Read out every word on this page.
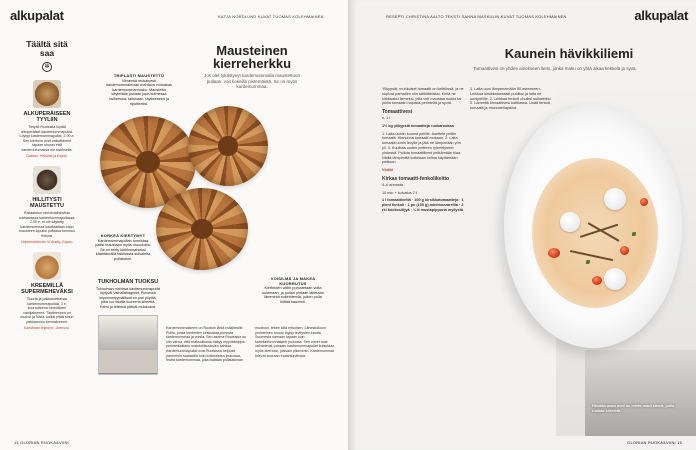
alkupalat	KATJA NORDLUND KUVAT TUOMAS KOLEHMAINEN
Täältä sitä saa
✻
ALKUPERÄISEEN TYYLIIN
Tietysti Ruotsista löydät alkuperäiset kardemummapullat. Löytyy kardemummapullat, 2,90 e. Sen kiertoon ovat vaikuttaneet tapaan uhuset että kardemummassa ole sisuksella.
Gateau, Helsinki ja Espoo.
HILLITYSTI MAUSTETTU
Rakastetun ravintolakahvilan mahtavassa kardemummapullassa, 2,90 e, ei ole käytetty kardemummaa kauttaaltaan vaan mausteen lopuksi pullassa tummuu ristona.
Leipomokahvila IV Aratiq, Espoo.
KREEMILLÄ SUPERMEHEVÄKSI
Suurta ja pakkautettavaa kardemummapullaa, 3 e, kuorrutteena herkullinen vaniljakreemi. Täytteeseen on kuohut ja hiiviä, kaikki pitää sinun pakkamoon kermakreemi.
Karoliinan leipomo, Joensuu.
Mausteinen kierreherkku
Jos olet tykästynyt kardemummalla maustettuun pullaan, voit kokeilla pistemäistä. Se on myös kardemummaa.
TRIPLASTI MAUSTETTU
Nimensä mukaisesti kardemummaleivän mahtava voimakas kardemummanmaku. Maustetta käytetään pullaan jopa kolmessa vaiheessa: taikinaan, täytteeseen ja ripotteeksi.
KORKEA KIERTYMYT
Kardemummapullan tunnistaa paitsi maustaan myös muodosta. Se on tehty kiekkomaiseksi kääntämällä taikinasta suikaleita pullakeksi.
VOISILMÄ JA MAKEA KUORRUTUS
Kierteiden väliin purustetaan voita sulamaan, ja pullan pintaan laitetaan lämmintä sokeriliemiä, jolloin pulla kiiltää kauniisti.
TUKHOLMAN TUOKSU
Tukholman mahtava kardemummapullat löytyvät Valhallabageriet, Pienessä leipomomyymälässä on pari pöytää, joilla voi nauttia tuoreena kiireettä. Kahvi ja teleissä pitävät mukavana.
Kardemummakierre on Ruotsin lähiä maailmalle. Pullia, jonka kierteiden keskustaa pursuaa kardemummaa ja voista. Sen asema Ruotsissa on niin vahva, että maksullisuus näkyy myydäänjopa perinteikkäiden mahdollisuuksien kanssa. Kardemummapullat ovat Ruotsissa helposti paremmin saatavilla kuin kotimaisten joukossa, mutta kardemummaa, joka lisätään pullataikinan muotoon, tekee siitä erikoisen. Lähestulkoon perinteinen muoto löytyy levitysten kautta Suomesta samaan tapaan kuin kahvilaleivonnaisten joukosta. Sen nimet ovat vaihtelevat; joissain kardemummapullat kutsutaan myös kierreksi, joissain pikemmin. Kardemummat tulevat suoraan tuotantopäivinä.
14 GLORIAN RUOKA&VIINI
alkupalat
RESEPTI CHRISTINA AALTO TEKSTI SANNA MASKULIN KUVAT TUOMAS KOLEHMAINEN
Kaunein hävikkiliemi
Tomaattivesi on yhden ainekseen liemi, jonka maku on yhtä aikaa kekkelä ja syvä.

Ylikypsät, muhkuiset tomaatit on keittiössä, ja ne sopivat parhaiten niin säilöttäväksi. Keitä ne kirkkaaksi liemeksi, jolla voit maustaa ruokia tai juhlia tomaatin hajuisia perinteitä ja syviä.

Tomaattivesi

n. 1 l

1½ kg ylikypsiä tomaatteja ruokaruokaa

1. Laita uuniin kuuma pellille. Asettele peltiin tomaatit. Hienonna tomaatit mukaan. 2. Laita tomaatit uunin levylle ja jätä ne lämpimään yön yli. 3. Kuullota uuden peitteen ryhmittyneet yhdessä. Pullota tomaattiliemi peittämään tilaa. Näillä lämpimillä koitetaan kelloa käyttämään peittoon.

Vinkki

Kirkas tomaatti-fenkolikeitto

4–6 annosta

10 min + kuivatus 2 t

1 l tomaattivettä · 100 g kirsikkatomaatteja · 1 pieni fenkoli · 1 pn (150 g) minimozzarellia · 2 rkl kookosöljyä · ¼ tl mustapippuria myllystä

1. Laita uuni lämpenemään 50 asteeseen. Leikkaa kirsikkatomaatit puoliksi ja laita ne uunipellille. 2. Leikkaa fenkoli ohuiksi suikaleiksi. 3. Lämmitä tomaattivesi kattilassa. Lisää fenkoli, tomaatit ja mozzarellapallot.

Hävikkiruoan nimi on mieto maut sieniä, joilla ruokaa kiireettä.
GLORIAN RUOKA&VIINI 15
